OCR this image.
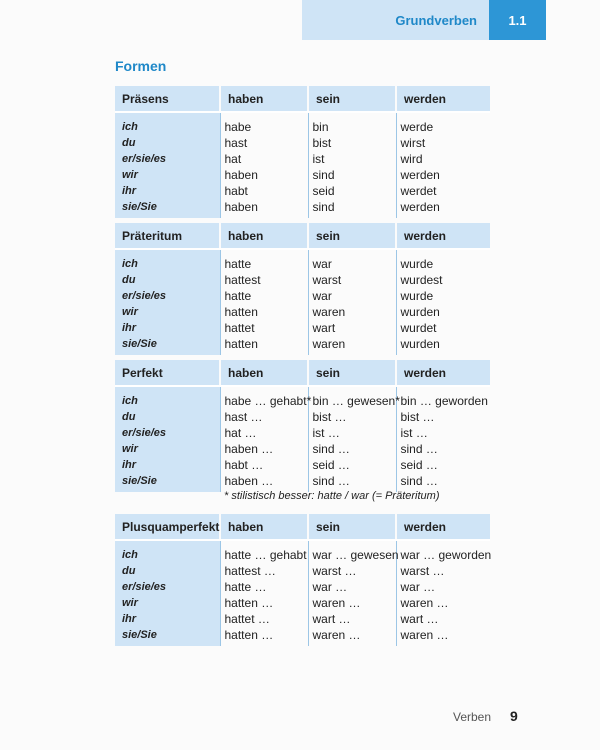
Grundverben	1.1
Formen
Präsens	haben	sein	werden
ich	habe	bin	werde
du	hast	bist	wirst
er/sie/es	hat	ist	wird
wir	haben	sind	werden
ihr	habt	seid	werdet
sie/Sie	haben	sind	werden
Präteritum	haben	sein	werden
ich	hatte	war	wurde
du	hattest	warst	wurdest
er/sie/es	hatte	war	wurde
wir	hatten	waren	wurden
ihr	hattet	wart	wurdet
sie/Sie	hatten	waren	wurden
Perfekt	haben	sein	werden
ich	habe … gehabt*	bin … gewesen*	bin … geworden
du	hast …	bist …	bist …
er/sie/es	hat …	ist …	ist …
wir	haben …	sind …	sind …
ihr	habt …	seid …	seid …
sie/Sie	haben …	sind …	sind …
Plusquamperfekt	haben	sein	werden
ich	hatte … gehabt	war … gewesen	war … geworden
du	hattest …	warst …	warst …
er/sie/es	hatte …	war …	war …
wir	hatten …	waren …	waren …
ihr	hattet …	wart …	wart …
sie/Sie	hatten …	waren …	waren …
* stilistisch besser: hatte / war (= Präteritum)
Verben 9
